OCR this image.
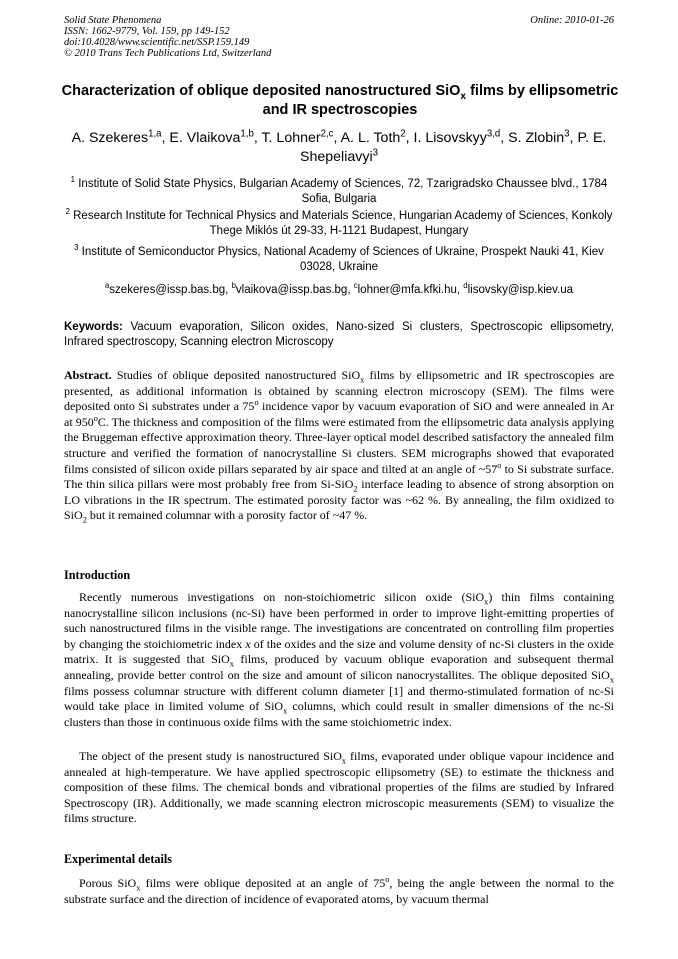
Solid State Phenomena
ISSN: 1662-9779, Vol. 159, pp 149-152
doi:10.4028/www.scientific.net/SSP.159.149
© 2010 Trans Tech Publications Ltd, Switzerland
Online: 2010-01-26
Characterization of oblique deposited nanostructured SiO$_x$ films by ellipsometric and IR spectroscopies
A. Szekeres$^{1,a}$, E. Vlaikova$^{1,b}$, T. Lohner$^{2,c}$, A. L. Toth$^2$, I. Lisovskyy$^{3,d}$, S. Zlobin$^3$, P. E. Shepeliavyi$^3$
$^1$ Institute of Solid State Physics, Bulgarian Academy of Sciences, 72, Tzarigradsko Chaussee blvd., 1784 Sofia, Bulgaria
$^2$ Research Institute for Technical Physics and Materials Science, Hungarian Academy of Sciences, Konkoly Thege Miklós út 29-33, H-1121 Budapest, Hungary
$^3$ Institute of Semiconductor Physics, National Academy of Sciences of Ukraine, Prospekt Nauki 41, Kiev 03028, Ukraine
$^a$szekeres@issp.bas.bg, $^b$vlaikova@issp.bas.bg, $^c$lohner@mfa.kfki.hu, $^d$lisovsky@isp.kiev.ua
Keywords: Vacuum evaporation, Silicon oxides, Nano-sized Si clusters, Spectroscopic ellipsometry, Infrared spectroscopy, Scanning electron Microscopy
Abstract. Studies of oblique deposited nanostructured SiO$_x$ films by ellipsometric and IR spectroscopies are presented, as additional information is obtained by scanning electron microscopy (SEM). The films were deposited onto Si substrates under a 75$^o$ incidence vapor by vacuum evaporation of SiO and were annealed in Ar at 950$^o$C. The thickness and composition of the films were estimated from the ellipsometric data analysis applying the Bruggeman effective approximation theory. Three-layer optical model described satisfactory the annealed film structure and verified the formation of nanocrystalline Si clusters. SEM micrographs showed that evaporated films consisted of silicon oxide pillars separated by air space and tilted at an angle of ~57$^o$ to Si substrate surface. The thin silica pillars were most probably free from Si-SiO$_2$ interface leading to absence of strong absorption on LO vibrations in the IR spectrum. The estimated porosity factor was ~62 %. By annealing, the film oxidized to SiO$_2$ but it remained columnar with a porosity factor of ~47 %.
Introduction
Recently numerous investigations on non-stoichiometric silicon oxide (SiO$_x$) thin films containing nanocrystalline silicon inclusions (nc-Si) have been performed in order to improve light-emitting properties of such nanostructured films in the visible range. The investigations are concentrated on controlling film properties by changing the stoichiometric index x of the oxides and the size and volume density of nc-Si clusters in the oxide matrix. It is suggested that SiO$_x$ films, produced by vacuum oblique evaporation and subsequent thermal annealing, provide better control on the size and amount of silicon nanocrystallites. The oblique deposited SiO$_x$ films possess columnar structure with different column diameter [1] and thermo-stimulated formation of nc-Si would take place in limited volume of SiO$_x$ columns, which could result in smaller dimensions of the nc-Si clusters than those in continuous oxide films with the same stoichiometric index.
The object of the present study is nanostructured SiO$_x$ films, evaporated under oblique vapour incidence and annealed at high-temperature. We have applied spectroscopic ellipsometry (SE) to estimate the thickness and composition of these films. The chemical bonds and vibrational properties of the films are studied by Infrared Spectroscopy (IR). Additionally, we made scanning electron microscopic measurements (SEM) to visualize the films structure.
Experimental details
Porous SiO$_x$ films were oblique deposited at an angle of 75$^o$, being the angle between the normal to the substrate surface and the direction of incidence of evaporated atoms, by vacuum thermal
